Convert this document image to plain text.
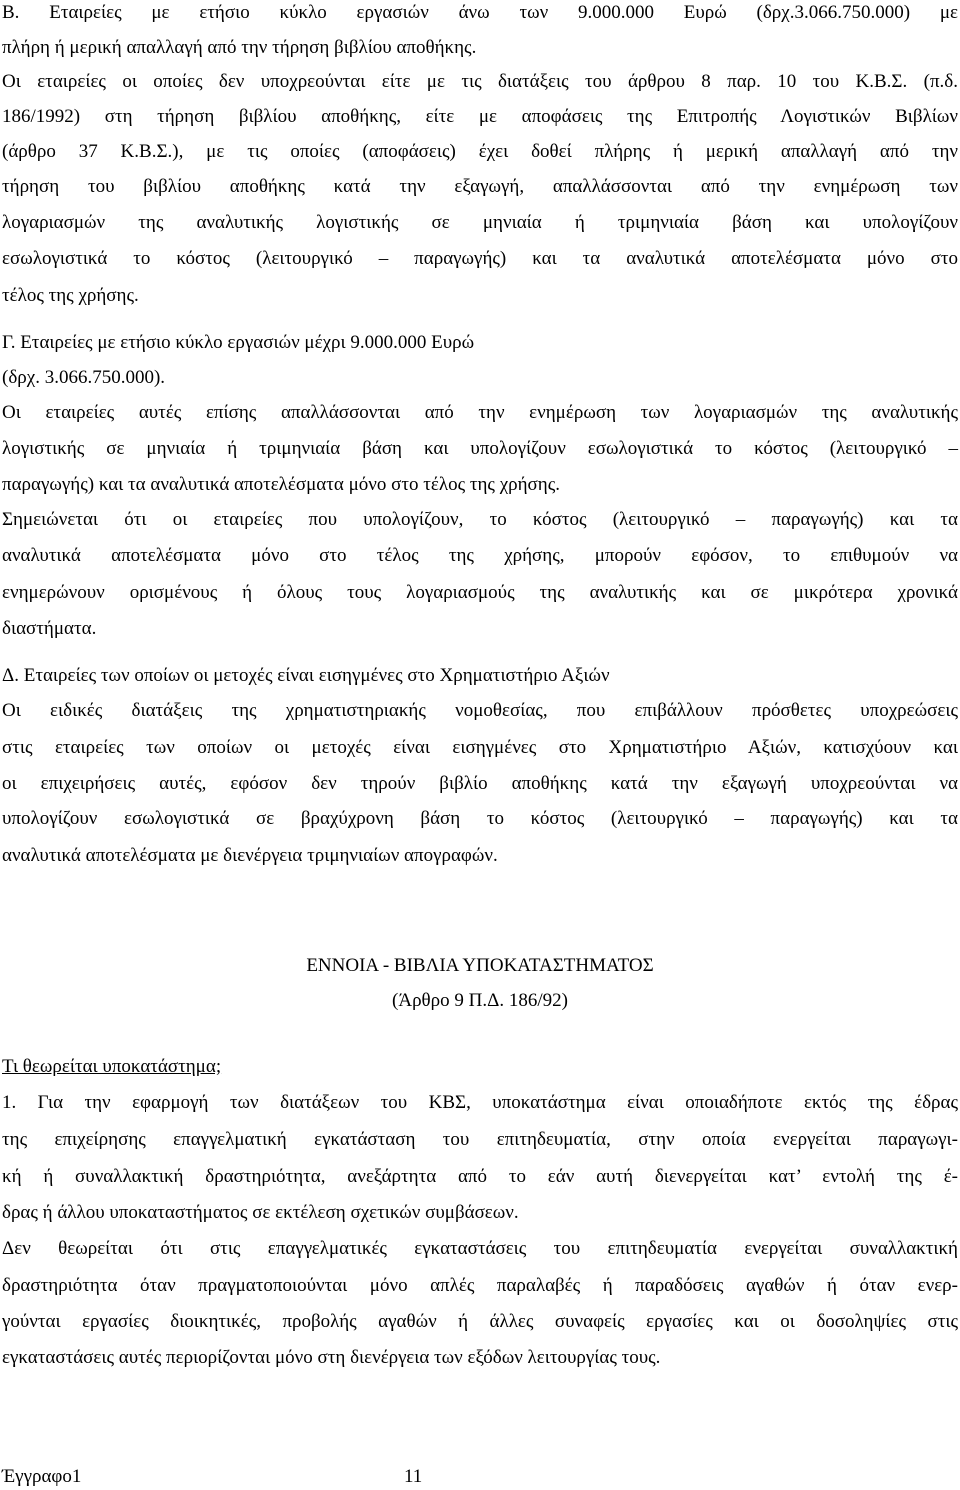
Β. Εταιρείες με ετήσιο κύκλο εργασιών άνω των 9.000.000 Ευρώ (δρχ.3.066.750.000) με
πλήρη ή μερική απαλλαγή από την τήρηση βιβλίου αποθήκης.
Οι εταιρείες οι οποίες δεν υποχρεούνται είτε με τις διατάξεις του άρθρου 8 παρ. 10 του Κ.Β.Σ. (π.δ.
186/1992) στη τήρηση βιβλίου αποθήκης, είτε με αποφάσεις της Επιτροπής Λογιστικών Βιβλίων
(άρθρο 37 Κ.Β.Σ.), με τις οποίες (αποφάσεις) έχει δοθεί πλήρης ή μερική απαλλαγή από την
τήρηση του βιβλίου αποθήκης κατά την εξαγωγή, απαλλάσσονται από την ενημέρωση των
λογαριασμών της αναλυτικής λογιστικής σε μηνιαία ή τριμηνιαία βάση και υπολογίζουν
εσωλογιστικά το κόστος (λειτουργικό – παραγωγής) και τα αναλυτικά αποτελέσματα μόνο στο
τέλος της χρήσης.
Γ. Εταιρείες με ετήσιο κύκλο εργασιών μέχρι 9.000.000 Ευρώ
(δρχ. 3.066.750.000).
Οι εταιρείες αυτές επίσης απαλλάσσονται από την ενημέρωση των λογαριασμών της αναλυτικής
λογιστικής σε μηνιαία ή τριμηνιαία βάση και υπολογίζουν εσωλογιστικά το κόστος (λειτουργικό –
παραγωγής) και τα αναλυτικά αποτελέσματα μόνο στο τέλος της χρήσης.
Σημειώνεται ότι οι εταιρείες που υπολογίζουν, το κόστος (λειτουργικό – παραγωγής) και τα
αναλυτικά αποτελέσματα μόνο στο τέλος της χρήσης, μπορούν εφόσον, το επιθυμούν να
ενημερώνουν ορισμένους ή όλους τους λογαριασμούς της αναλυτικής και σε μικρότερα χρονικά
διαστήματα.
Δ. Εταιρείες των οποίων οι μετοχές είναι εισηγμένες στο Χρηματιστήριο Αξιών
Οι ειδικές διατάξεις της χρηματιστηριακής νομοθεσίας, που επιβάλλουν πρόσθετες υποχρεώσεις
στις εταιρείες των οποίων οι μετοχές είναι εισηγμένες στο Χρηματιστήριο Αξιών, κατισχύουν και
οι επιχειρήσεις αυτές, εφόσον δεν τηρούν βιβλίο αποθήκης κατά την εξαγωγή υποχρεούνται να
υπολογίζουν εσωλογιστικά σε βραχύχρονη βάση το κόστος (λειτουργικό – παραγωγής) και τα
αναλυτικά αποτελέσματα με διενέργεια τριμηνιαίων απογραφών.
ΕΝΝΟΙΑ - ΒΙΒΛΙΑ ΥΠΟΚΑΤΑΣΤΗΜΑΤΟΣ
(Άρθρο 9 Π.Δ. 186/92)
Τι θεωρείται υποκατάστημα;
1. Για την εφαρμογή των διατάξεων του ΚΒΣ, υποκατάστημα είναι οποιαδήποτε εκτός της έδρας
της επιχείρησης επαγγελματική εγκατάσταση του επιτηδευματία, στην οποία ενεργείται παραγωγι-
κή ή συναλλακτική δραστηριότητα, ανεξάρτητα από το εάν αυτή διενεργείται κατ’ εντολή της έ-
δρας ή άλλου υποκαταστήματος σε εκτέλεση σχετικών συμβάσεων.
Δεν θεωρείται ότι στις επαγγελματικές εγκαταστάσεις του επιτηδευματία ενεργείται συναλλακτική
δραστηριότητα όταν πραγματοποιούνται μόνο απλές παραλαβές ή παραδόσεις αγαθών ή όταν ενερ-
γούνται εργασίες διοικητικές, προβολής αγαθών ή άλλες συναφείς εργασίες και οι δοσοληψίες στις
εγκαταστάσεις αυτές περιορίζονται μόνο στη διενέργεια των εξόδων λειτουργίας τους.
Έγγραφο1	11
